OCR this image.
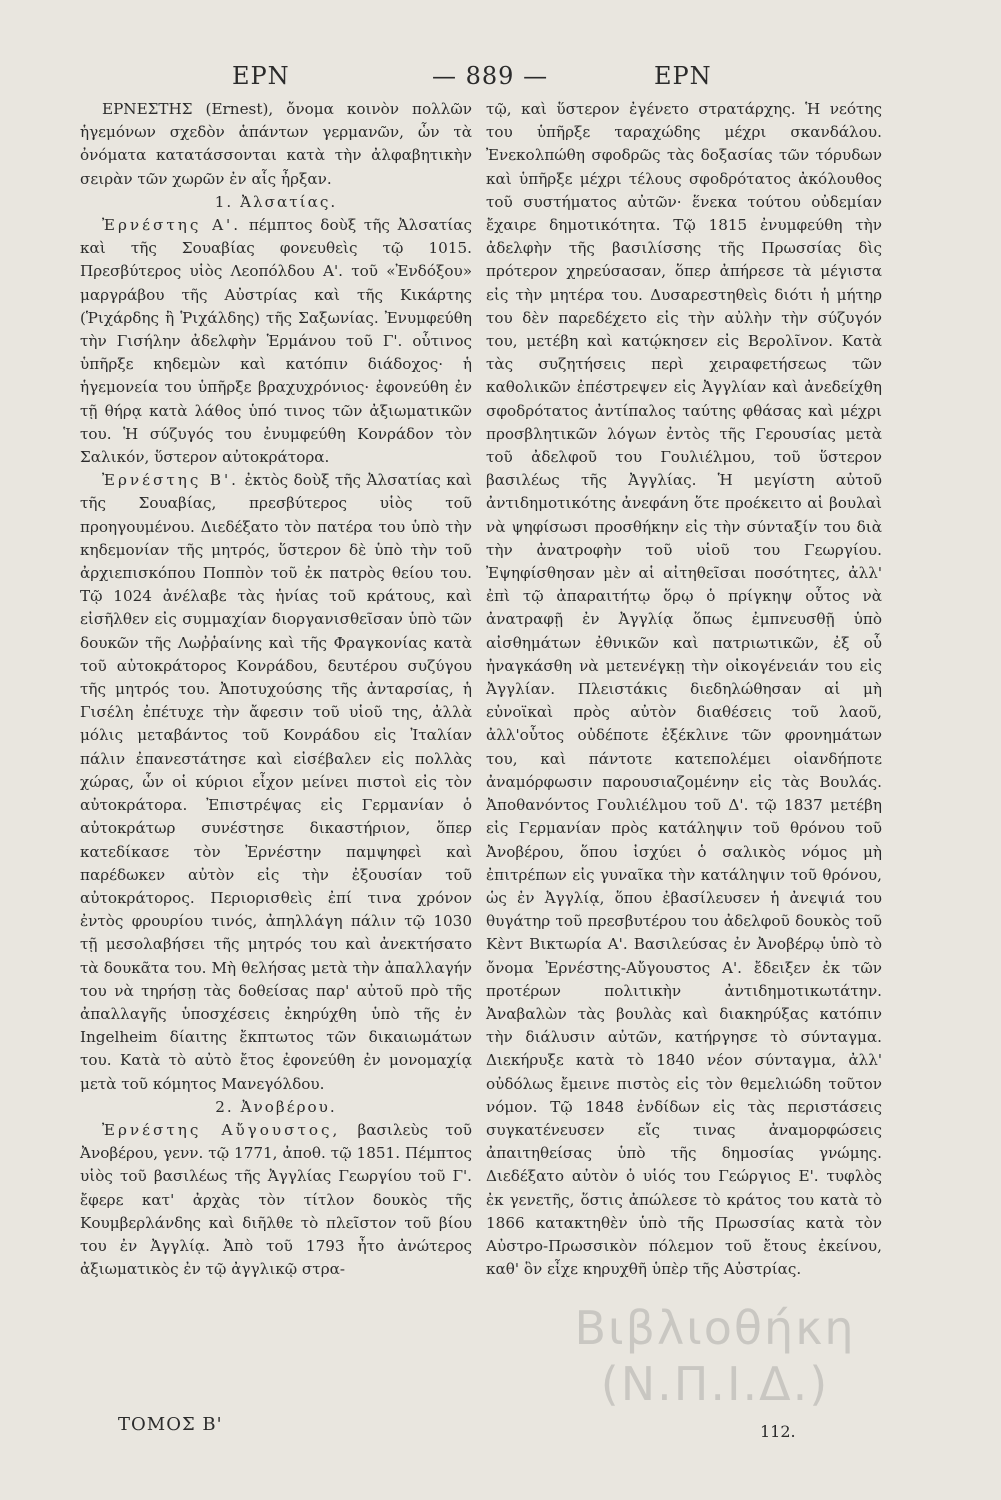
ΕΡΝ	— 889 —	ΕΡΝ

ΕΡΝΕΣΤΗΣ (Ernest), ὄνομα κοινὸν πολλῶν ἡγεμόνων σχεδὸν ἁπάντων γερμανῶν, ὧν τὰ ὀνόματα κατατάσσονται κατὰ τὴν ἀλφαβητικὴν σειρὰν τῶν χωρῶν ἐν αἷς ἦρξαν.

1. Ἀλσατίας.

Ἐρνέστης Α'. πέμπτος δοὺξ τῆς Ἀλσατίας καὶ τῆς Σουαβίας φονευθεὶς τῷ 1015. Πρεσβύτερος υἱὸς Λεοπόλδου Α'. τοῦ «Ἐνδόξου» μαργράβου τῆς Αὐστρίας καὶ τῆς Κικάρτης (Ῥιχάρδης ἢ Ῥιχάλδης) τῆς Σαξωνίας. Ἐνυμφεύθη τὴν Γισήλην ἀδελφὴν Ἑρμάνου τοῦ Γ'. οὗτινος ὑπῆρξε κηδεμὼν καὶ κατόπιν διάδοχος· ἡ ἡγεμονεία του ὑπῆρξε βραχυχρόνιος· ἐφονεύθη ἐν τῇ θήρᾳ κατὰ λάθος ὑπό τινος τῶν ἀξιωματικῶν του. Ἡ σύζυγός του ἐνυμφεύθη Κονράδον τὸν Σαλικόν, ὕστερον αὐτοκράτορα.

Ἐρνέστης Β'. ἐκτὸς δοὺξ τῆς Ἀλσατίας καὶ τῆς Σουαβίας, πρεσβύτερος υἱὸς τοῦ προηγουμένου. Διεδέξατο τὸν πατέρα του ὑπὸ τὴν κηδεμονίαν τῆς μητρός, ὕστερον δὲ ὑπὸ τὴν τοῦ ἀρχιεπισκόπου Ποππὸν τοῦ ἐκ πατρὸς θείου του. Τῷ 1024 ἀνέλαβε τὰς ἡνίας τοῦ κράτους, καὶ εἰσῆλθεν εἰς συμμαχίαν διοργανισθεῖσαν ὑπὸ τῶν δουκῶν τῆς Λωῤῥαίνης καὶ τῆς Φραγκονίας κατὰ τοῦ αὐτοκράτορος Κονράδου, δευτέρου συζύγου τῆς μητρός του. Ἀποτυχούσης τῆς ἀνταρσίας, ἡ Γισέλη ἐπέτυχε τὴν ἄφεσιν τοῦ υἱοῦ της, ἀλλὰ μόλις μεταβάντος τοῦ Κονράδου εἰς Ἰταλίαν πάλιν ἐπανεστάτησε καὶ εἰσέβαλεν εἰς πολλὰς χώρας, ὧν οἱ κύριοι εἶχον μείνει πιστοὶ εἰς τὸν αὐτοκράτορα. Ἐπιστρέψας εἰς Γερμανίαν ὁ αὐτοκράτωρ συνέστησε δικαστήριον, ὅπερ κατεδίκασε τὸν Ἐρνέστην παμψηφεὶ καὶ παρέδωκεν αὐτὸν εἰς τὴν ἐξουσίαν τοῦ αὐτοκράτορος. Περιορισθεὶς ἐπί τινα χρόνον ἐντὸς φρουρίου τινός, ἀπηλλάγη πάλιν τῷ 1030 τῇ μεσολαβήσει τῆς μητρός του καὶ ἀνεκτήσατο τὰ δουκᾶτα του. Μὴ θελήσας μετὰ τὴν ἀπαλλαγήν του νὰ τηρήσῃ τὰς δοθείσας παρ' αὐτοῦ πρὸ τῆς ἀπαλλαγῆς ὑποσχέσεις ἐκηρύχθη ὑπὸ τῆς ἐν Ingelheim δίαιτης ἔκπτωτος τῶν δικαιωμάτων του. Κατὰ τὸ αὐτὸ ἔτος ἐφονεύθη ἐν μονομαχίᾳ μετὰ τοῦ κόμητος Μανεγόλδου.

2. Ἀνοβέρου.

Ἐρνέστης Αὔγουστος, βασιλεὺς τοῦ Ἀνοβέρου, γενν. τῷ 1771, ἀποθ. τῷ 1851. Πέμπτος υἱὸς τοῦ βασιλέως τῆς Ἀγγλίας Γεωργίου τοῦ Γ'. ἔφερε κατ' ἀρχὰς τὸν τίτλον δουκὸς τῆς Κουμβερλάνδης καὶ διῆλθε τὸ πλεῖστον τοῦ βίου του ἐν Ἀγγλίᾳ. Ἀπὸ τοῦ 1793 ἦτο ἀνώτερος ἀξιωματικὸς ἐν τῷ ἀγγλικῷ στρα-

τῷ, καὶ ὕστερον ἐγένετο στρατάρχης. Ἡ νεότης του ὑπῆρξε ταραχώδης μέχρι σκανδάλου. Ἐνεκολπώθη σφοδρῶς τὰς δοξασίας τῶν τόρυδων καὶ ὑπῆρξε μέχρι τέλους σφοδρότατος ἀκόλουθος τοῦ συστήματος αὐτῶν· ἕνεκα τούτου οὐδεμίαν ἔχαιρε δημοτικότητα. Τῷ 1815 ἐνυμφεύθη τὴν ἀδελφὴν τῆς βασιλίσσης τῆς Πρωσσίας δὶς πρότερον χηρεύσασαν, ὅπερ ἀπήρεσε τὰ μέγιστα εἰς τὴν μητέρα του. Δυσαρεστηθεὶς διότι ἡ μήτηρ του δὲν παρεδέχετο εἰς τὴν αὐλὴν τὴν σύζυγόν του, μετέβη καὶ κατῴκησεν εἰς Βερολῖνον. Κατὰ τὰς συζητήσεις περὶ χειραφετήσεως τῶν καθολικῶν ἐπέστρεψεν εἰς Ἀγγλίαν καὶ ἀνεδείχθη σφοδρότατος ἀντίπαλος ταύτης φθάσας καὶ μέχρι προσβλητικῶν λόγων ἐντὸς τῆς Γερουσίας μετὰ τοῦ ἀδελφοῦ του Γουλιέλμου, τοῦ ὕστερον βασιλέως τῆς Ἀγγλίας. Ἡ μεγίστη αὐτοῦ ἀντιδημοτικότης ἀνεφάνη ὅτε προέκειτο αἱ βουλαὶ νὰ ψηφίσωσι προσθήκην εἰς τὴν σύνταξίν του διὰ τὴν ἀνατροφὴν τοῦ υἱοῦ του Γεωργίου. Ἐψηφίσθησαν μὲν αἱ αἰτηθεῖσαι ποσότητες, ἀλλ' ἐπὶ τῷ ἀπαραιτήτῳ ὅρῳ ὁ πρίγκηψ οὗτος νὰ ἀνατραφῇ ἐν Ἀγγλίᾳ ὅπως ἐμπνευσθῇ ὑπὸ αἰσθημάτων ἐθνικῶν καὶ πατριωτικῶν, ἐξ οὗ ἠναγκάσθη νὰ μετενέγκῃ τὴν οἰκογένειάν του εἰς Ἀγγλίαν. Πλειστάκις διεδηλώθησαν αἱ μὴ εὐνοϊκαὶ πρὸς αὐτὸν διαθέσεις τοῦ λαοῦ, ἀλλ'οὗτος οὐδέποτε ἐξέκλινε τῶν φρονημάτων του, καὶ πάντοτε κατεπολέμει οἱανδήποτε ἀναμόρφωσιν παρουσιαζομένην εἰς τὰς Βουλάς. Ἀποθανόντος Γουλιέλμου τοῦ Δ'. τῷ 1837 μετέβη εἰς Γερμανίαν πρὸς κατάληψιν τοῦ θρόνου τοῦ Ἀνοβέρου, ὅπου ἰσχύει ὁ σαλικὸς νόμος μὴ ἐπιτρέπων εἰς γυναῖκα τὴν κατάληψιν τοῦ θρόνου, ὡς ἐν Ἀγγλίᾳ, ὅπου ἐβασίλευσεν ἡ ἀνεψιά του θυγάτηρ τοῦ πρεσβυτέρου του ἀδελφοῦ δουκὸς τοῦ Κὲντ Βικτωρία Α'. Βασιλεύσας ἐν Ἀνοβέρῳ ὑπὸ τὸ ὄνομα Ἐρνέστης-Αὔγουστος Α'. ἔδειξεν ἐκ τῶν προτέρων πολιτικὴν ἀντιδημοτικωτάτην. Ἀναβαλὼν τὰς βουλὰς καὶ διακηρύξας κατόπιν τὴν διάλυσιν αὐτῶν, κατήργησε τὸ σύνταγμα. Διεκήρυξε κατὰ τὸ 1840 νέον σύνταγμα, ἀλλ' οὐδόλως ἔμεινε πιστὸς εἰς τὸν θεμελιώδη τοῦτον νόμον. Τῷ 1848 ἐνδίδων εἰς τὰς περιστάσεις συγκατένευσεν εἴς τινας ἀναμορφώσεις ἀπαιτηθείσας ὑπὸ τῆς δημοσίας γνώμης. Διεδέξατο αὐτὸν ὁ υἱός του Γεώργιος Ε'. τυφλὸς ἐκ γενετῆς, ὅστις ἀπώλεσε τὸ κράτος του κατὰ τὸ 1866 κατακτηθὲν ὑπὸ τῆς Πρωσσίας κατὰ τὸν Αὐστρο-Πρωσσικὸν πόλεμον τοῦ ἔτους ἐκείνου, καθ' ὃν εἶχε κηρυχθῆ ὑπὲρ τῆς Αὐστρίας.

ΤΟΜΟΣ Β'	112.
Βιβλιοθήκη
(Ν.Π.Ι.Δ.)
